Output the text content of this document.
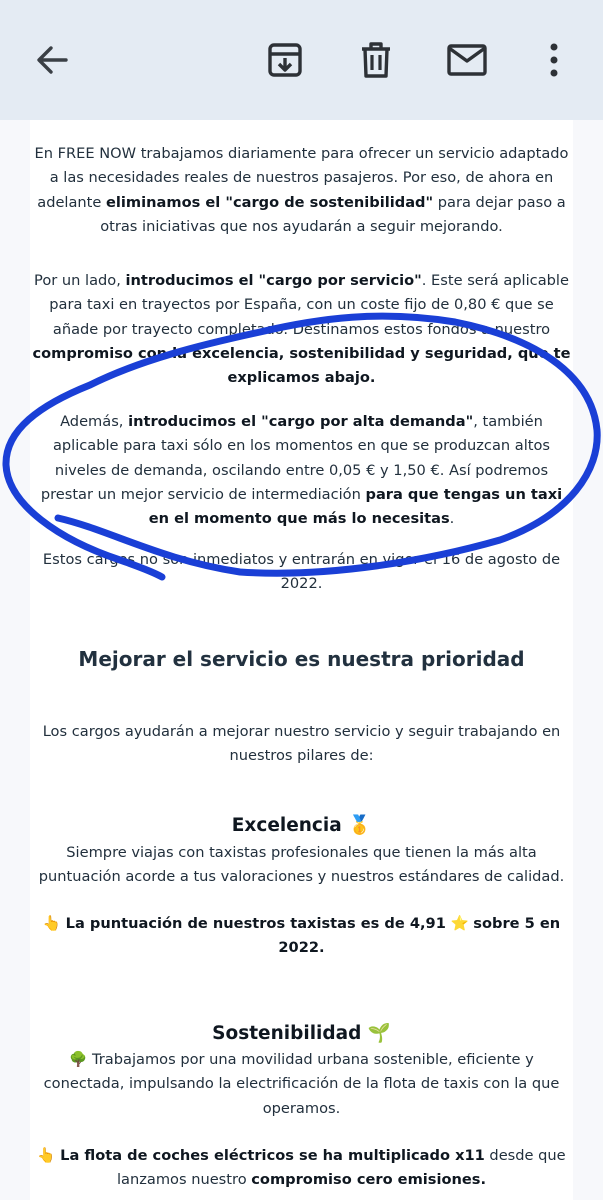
En FREE NOW trabajamos diariamente para ofrecer un servicio adaptado a las necesidades reales de nuestros pasajeros. Por eso, de ahora en adelante eliminamos el "cargo de sostenibilidad" para dejar paso a otras iniciativas que nos ayudarán a seguir mejorando.
Por un lado, introducimos el "cargo por servicio". Este será aplicable para taxi en trayectos por España, con un coste fijo de 0,80 € que se añade por trayecto completado. Destinamos estos fondos a nuestro compromiso con la excelencia, sostenibilidad y seguridad, que te explicamos abajo.
Además, introducimos el "cargo por alta demanda", también aplicable para taxi sólo en los momentos en que se produzcan altos niveles de demanda, oscilando entre 0,05 € y 1,50 €. Así podremos prestar un mejor servicio de intermediación para que tengas un taxi en el momento que más lo necesitas.
Estos cargos no son inmediatos y entrarán en vigor el 16 de agosto de 2022.
Mejorar el servicio es nuestra prioridad
Los cargos ayudarán a mejorar nuestro servicio y seguir trabajando en nuestros pilares de:
Excelencia 🥇
Siempre viajas con taxistas profesionales que tienen la más alta puntuación acorde a tus valoraciones y nuestros estándares de calidad.
👆 La puntuación de nuestros taxistas es de 4,91 ⭐ sobre 5 en 2022.
Sostenibilidad 🌱
🌳 Trabajamos por una movilidad urbana sostenible, eficiente y conectada, impulsando la electrificación de la flota de taxis con la que operamos.
👆 La flota de coches eléctricos se ha multiplicado x11 desde que lanzamos nuestro compromiso cero emisiones.
